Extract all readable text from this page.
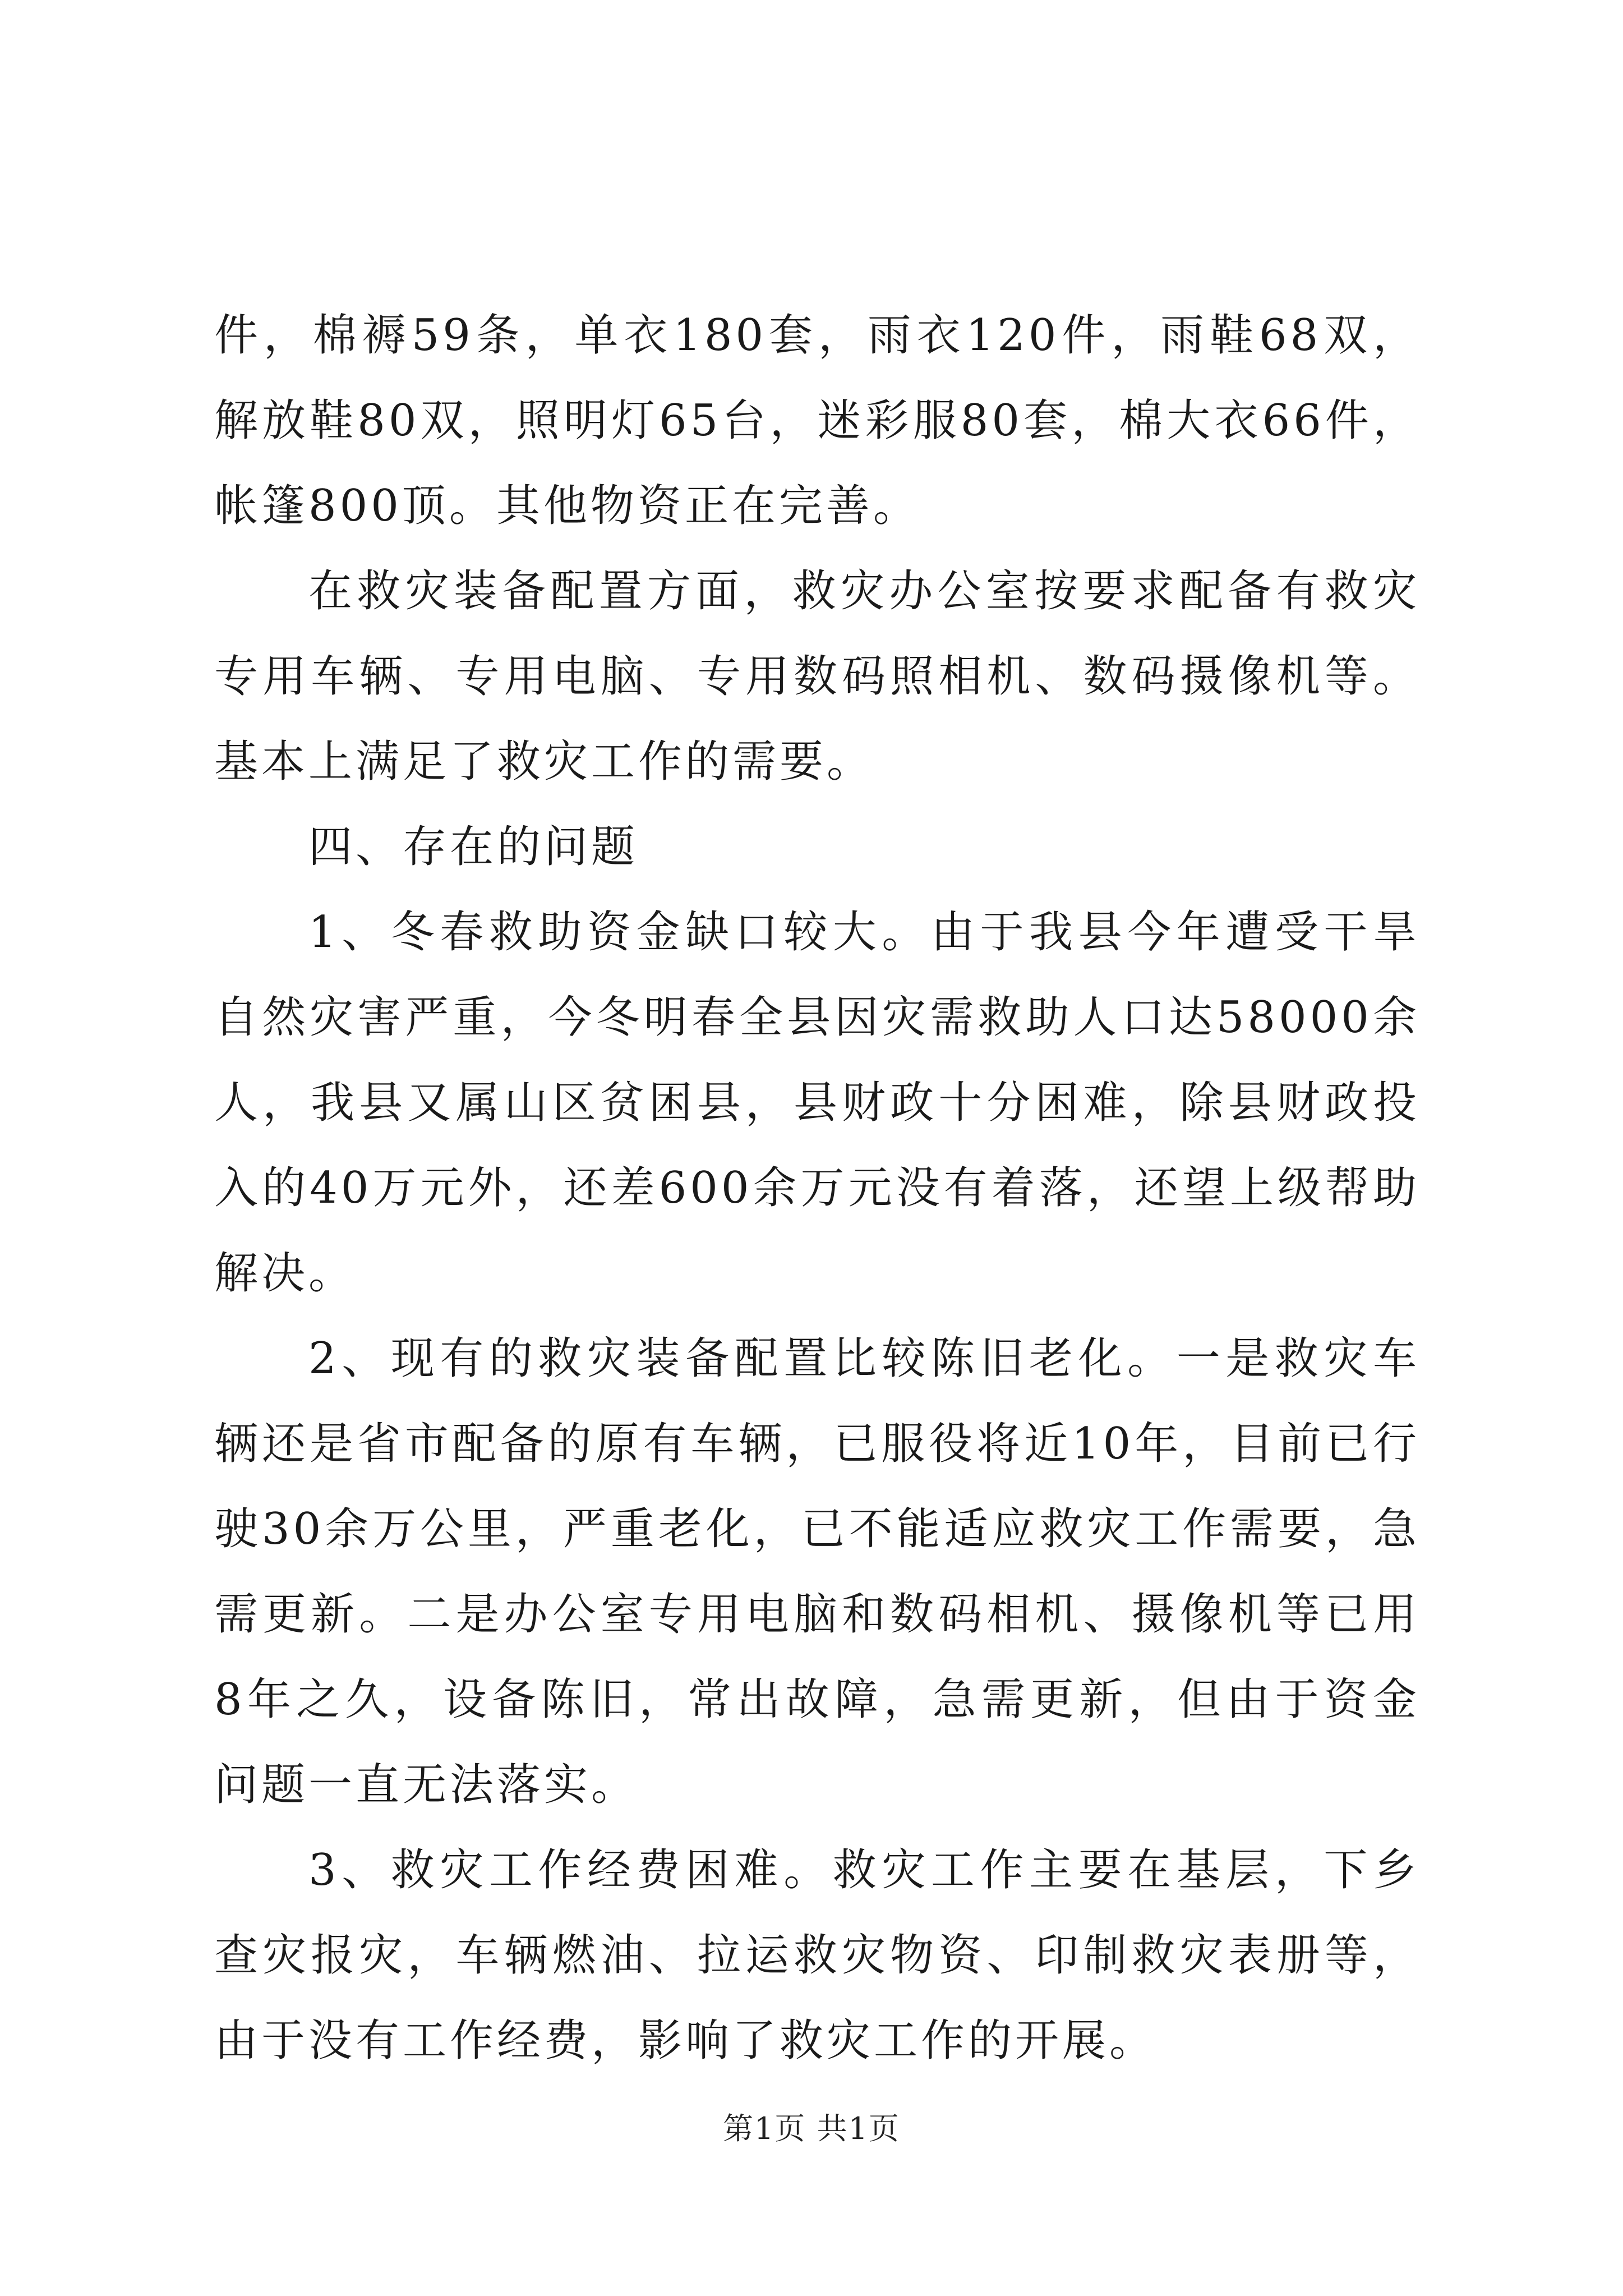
件，棉褥59条，单衣180套，雨衣120件，雨鞋68双，解放鞋80双，照明灯65台，迷彩服80套，棉大衣66件，帐篷800顶。其他物资正在完善。

在救灾装备配置方面，救灾办公室按要求配备有救灾专用车辆、专用电脑、专用数码照相机、数码摄像机等。基本上满足了救灾工作的需要。

四、存在的问题

1、冬春救助资金缺口较大。由于我县今年遭受干旱自然灾害严重，今冬明春全县因灾需救助人口达58000余人，我县又属山区贫困县，县财政十分困难，除县财政投入的40万元外，还差600余万元没有着落，还望上级帮助解决。

2、现有的救灾装备配置比较陈旧老化。一是救灾车辆还是省市配备的原有车辆，已服役将近10年，目前已行驶30余万公里，严重老化，已不能适应救灾工作需要，急需更新。二是办公室专用电脑和数码相机、摄像机等已用8年之久，设备陈旧，常出故障，急需更新，但由于资金问题一直无法落实。

3、救灾工作经费困难。救灾工作主要在基层，下乡查灾报灾，车辆燃油、拉运救灾物资、印制救灾表册等，由于没有工作经费，影响了救灾工作的开展。

第1页 共1页
